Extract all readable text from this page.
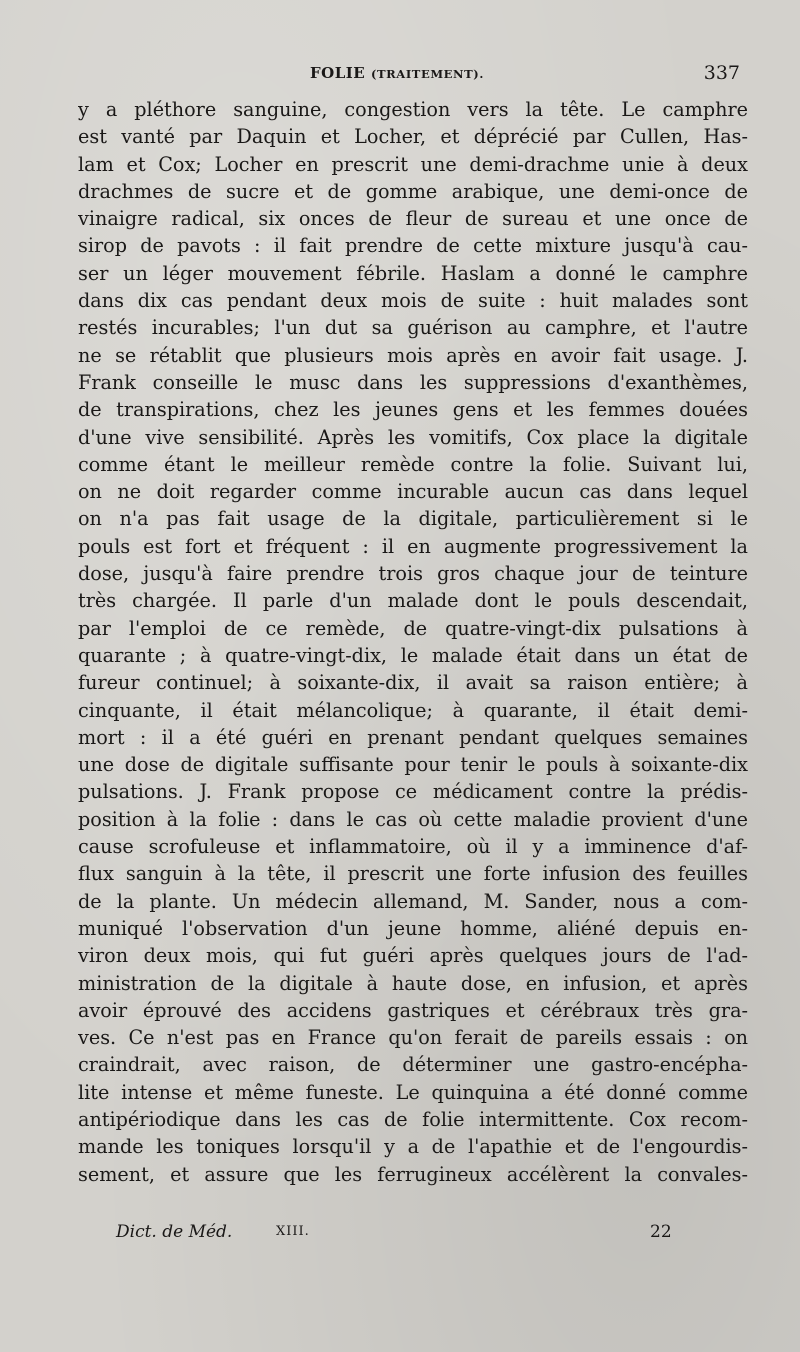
FOLIE (TRAITEMENT).	337
y a pléthore sanguine, congestion vers la tête. Le camphre
est vanté par Daquin et Locher, et déprécié par Cullen, Has-
lam et Cox; Locher en prescrit une demi-drachme unie à deux
drachmes de sucre et de gomme arabique, une demi-once de
vinaigre radical, six onces de fleur de sureau et une once de
sirop de pavots : il fait prendre de cette mixture jusqu'à cau-
ser un léger mouvement fébrile. Haslam a donné le camphre
dans dix cas pendant deux mois de suite : huit malades sont
restés incurables; l'un dut sa guérison au camphre, et l'autre
ne se rétablit que plusieurs mois après en avoir fait usage. J.
Frank conseille le musc dans les suppressions d'exanthèmes,
de transpirations, chez les jeunes gens et les femmes douées
d'une vive sensibilité. Après les vomitifs, Cox place la digitale
comme étant le meilleur remède contre la folie. Suivant lui,
on ne doit regarder comme incurable aucun cas dans lequel
on n'a pas fait usage de la digitale, particulièrement si le
pouls est fort et fréquent : il en augmente progressivement la
dose, jusqu'à faire prendre trois gros chaque jour de teinture
très chargée. Il parle d'un malade dont le pouls descendait,
par l'emploi de ce remède, de quatre-vingt-dix pulsations à
quarante ; à quatre-vingt-dix, le malade était dans un état de
fureur continuel; à soixante-dix, il avait sa raison entière; à
cinquante, il était mélancolique; à quarante, il était demi-
mort : il a été guéri en prenant pendant quelques semaines
une dose de digitale suffisante pour tenir le pouls à soixante-dix
pulsations. J. Frank propose ce médicament contre la prédis-
position à la folie : dans le cas où cette maladie provient d'une
cause scrofuleuse et inflammatoire, où il y a imminence d'af-
flux sanguin à la tête, il prescrit une forte infusion des feuilles
de la plante. Un médecin allemand, M. Sander, nous a com-
muniqué l'observation d'un jeune homme, aliéné depuis en-
viron deux mois, qui fut guéri après quelques jours de l'ad-
ministration de la digitale à haute dose, en infusion, et après
avoir éprouvé des accidens gastriques et cérébraux très gra-
ves. Ce n'est pas en France qu'on ferait de pareils essais : on
craindrait, avec raison, de déterminer une gastro-encépha-
lite intense et même funeste. Le quinquina a été donné comme
antipériodique dans les cas de folie intermittente. Cox recom-
mande les toniques lorsqu'il y a de l'apathie et de l'engourdis-
sement, et assure que les ferrugineux accélèrent la convales-
Dict. de Méd.	XIII.	22
